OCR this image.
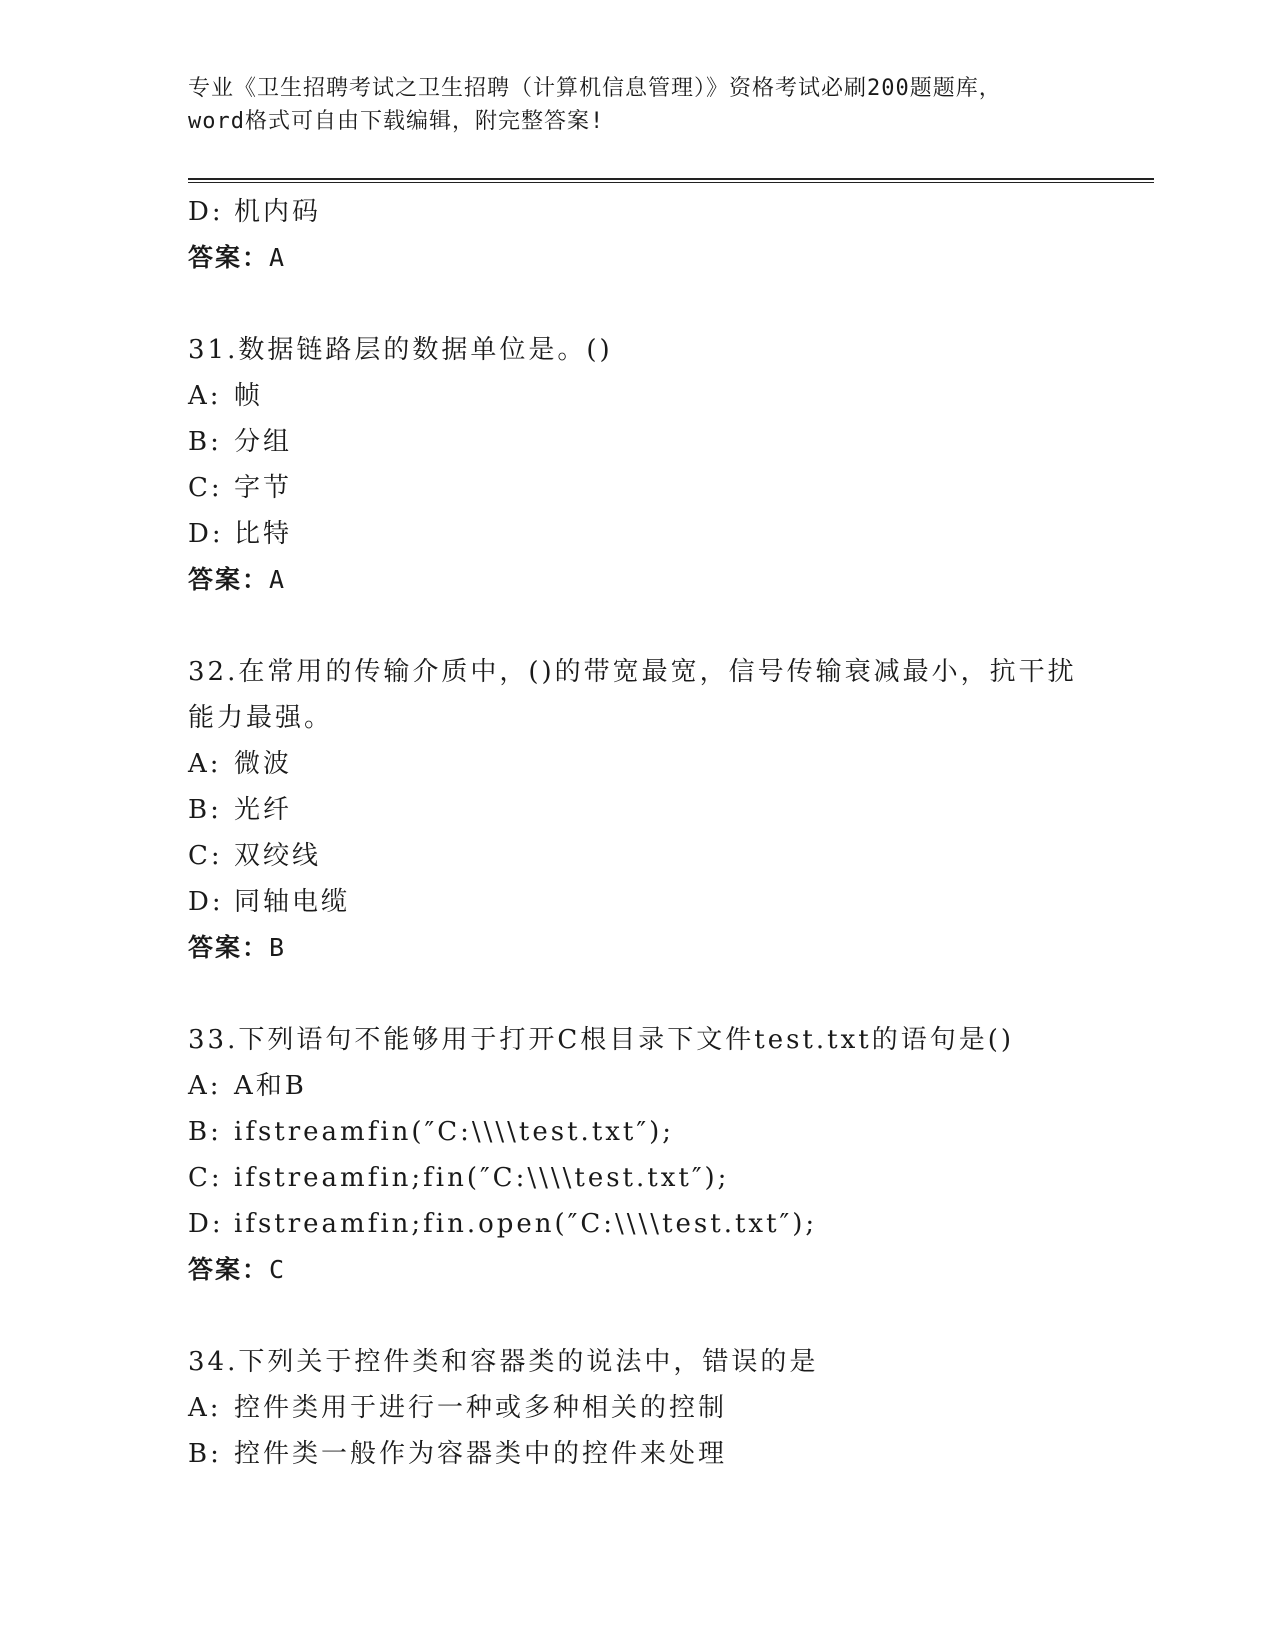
专业《卫生招聘考试之卫生招聘（计算机信息管理）》资格考试必刷200题题库，
word格式可自由下载编辑，附完整答案!
D: 机内码
答案：A
31.数据链路层的数据单位是。()
A: 帧
B: 分组
C: 字节
D: 比特
答案：A
32.在常用的传输介质中，()的带宽最宽，信号传输衰减最小，抗干扰
能力最强。
A: 微波
B: 光纤
C: 双绞线
D: 同轴电缆
答案：B
33.下列语句不能够用于打开C根目录下文件test.txt的语句是()
A: A和B
B: ifstreamfin(″C:\\\\test.txt″);
C: ifstreamfin;fin(″C:\\\\test.txt″);
D: ifstreamfin;fin.open(″C:\\\\test.txt″);
答案：C
34.下列关于控件类和容器类的说法中，错误的是
A: 控件类用于进行一种或多种相关的控制
B: 控件类一般作为容器类中的控件来处理
